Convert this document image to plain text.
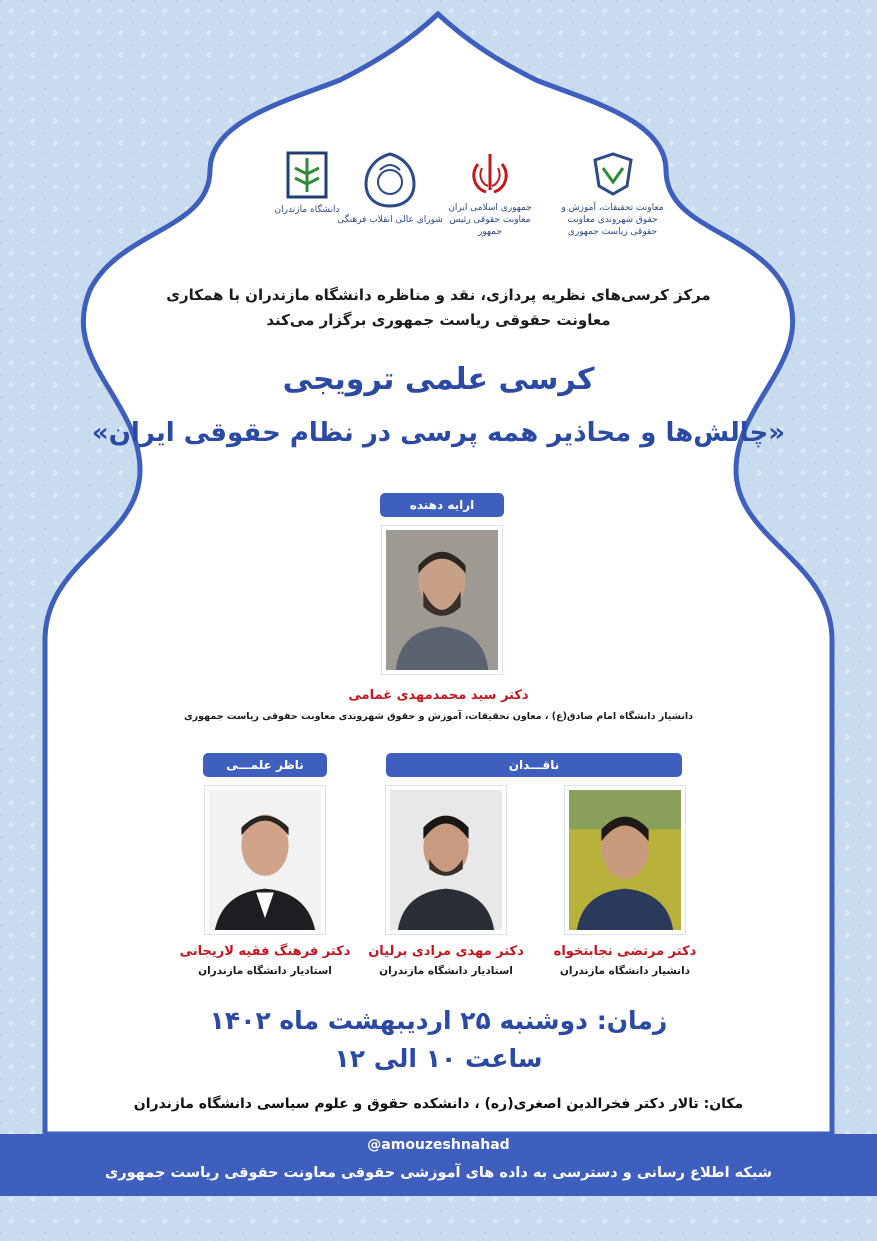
دانشگاه مازندران
شورای عالی انقلاب فرهنگی
جمهوری اسلامی ایران معاونت حقوقی رئیس جمهور
معاونت تحقیقات، آموزش و حقوق شهروندی معاونت حقوقی ریاست جمهوری
مرکز کرسی‌های نظریه پردازی، نقد و مناظره دانشگاه مازندران با همکاری
معاونت حقوقی ریاست جمهوری برگزار می‌کند
کرسی علمی ترویجی
«چالش‌ها و محاذیر همه پرسی در نظام حقوقی ایران»
ارایه دهنده
دکتر سید محمدمهدی غمامی
دانشیار دانشگاه امام صادق(ع) ، معاون تحقیقات، آموزش و حقوق شهروندی معاونت حقوقی ریاست جمهوری
ناقـــدان
ناظر علمـــی
دکتر مرتضی نجابتخواه
دانشیار دانشگاه مازندران
دکتر مهدی مرادی برلیان
استادیار دانشگاه مازندران
دکتر فرهنگ فقیه لاریجانی
استادیار دانشگاه مازندران
زمان: دوشنبه ۲۵ اردیبهشت ماه ۱۴۰۲
ساعت ۱۰ الی ۱۲
مکان: تالار دکتر فخرالدین اصغری(ره) ، دانشکده حقوق و علوم سیاسی دانشگاه مازندران
@amouzeshnahad
شبکه اطلاع رسانی و دسترسی به داده های آموزشی حقوقی معاونت حقوقی ریاست جمهوری
